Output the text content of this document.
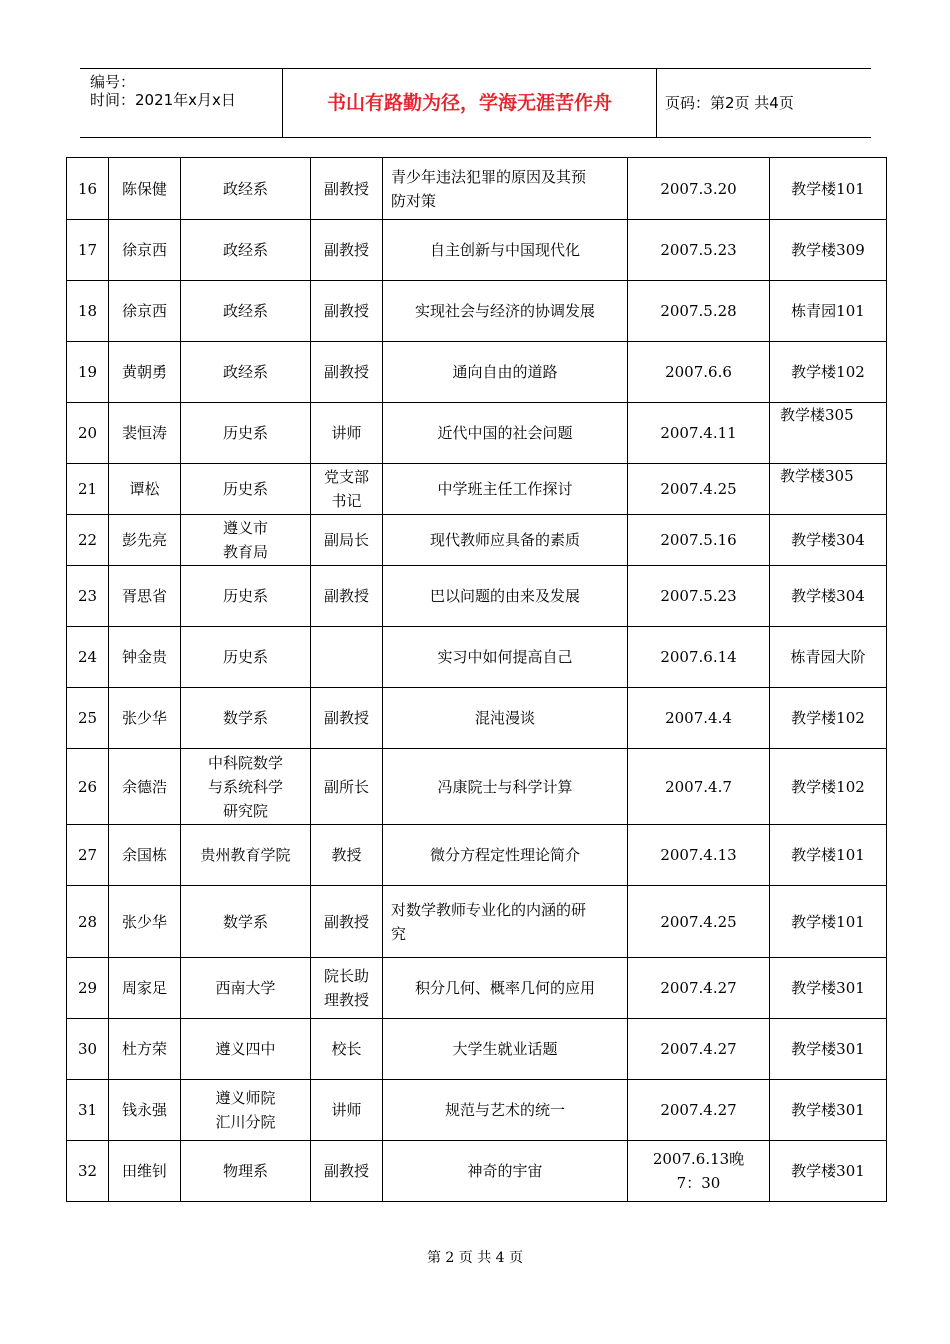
编号：
时间：2021年x月x日	书山有路勤为径，学海无涯苦作舟	页码：第2页 共4页
16	陈保健	政经系	副教授	青少年违法犯罪的原因及其预
防对策	2007.3.20	教学楼101
17	徐京西	政经系	副教授	自主创新与中国现代化	2007.5.23	教学楼309
18	徐京西	政经系	副教授	实现社会与经济的协调发展	2007.5.28	栋青园101
19	黄朝勇	政经系	副教授	通向自由的道路	2007.6.6	教学楼102
20	裴恒涛	历史系	讲师	近代中国的社会问题	2007.4.11	教学楼305
21	谭松	历史系	党支部
书记	中学班主任工作探讨	2007.4.25	教学楼305
22	彭先亮	遵义市
教育局	副局长	现代教师应具备的素质	2007.5.16	教学楼304
23	胥思省	历史系	副教授	巴以问题的由来及发展	2007.5.23	教学楼304
24	钟金贵	历史系		实习中如何提高自己	2007.6.14	栋青园大阶
25	张少华	数学系	副教授	混沌漫谈	2007.4.4	教学楼102
26	余德浩	中科院数学
与系统科学
研究院	副所长	冯康院士与科学计算	2007.4.7	教学楼102
27	余国栋	贵州教育学院	教授	微分方程定性理论简介	2007.4.13	教学楼101
28	张少华	数学系	副教授	对数学教师专业化的内涵的研
究	2007.4.25	教学楼101
29	周家足	西南大学	院长助
理教授	积分几何、概率几何的应用	2007.4.27	教学楼301
30	杜方荣	遵义四中	校长	大学生就业话题	2007.4.27	教学楼301
31	钱永强	遵义师院
汇川分院	讲师	规范与艺术的统一	2007.4.27	教学楼301
32	田维钊	物理系	副教授	神奇的宇宙	2007.6.13晚
7：30	教学楼301
第 2 页 共 4 页
